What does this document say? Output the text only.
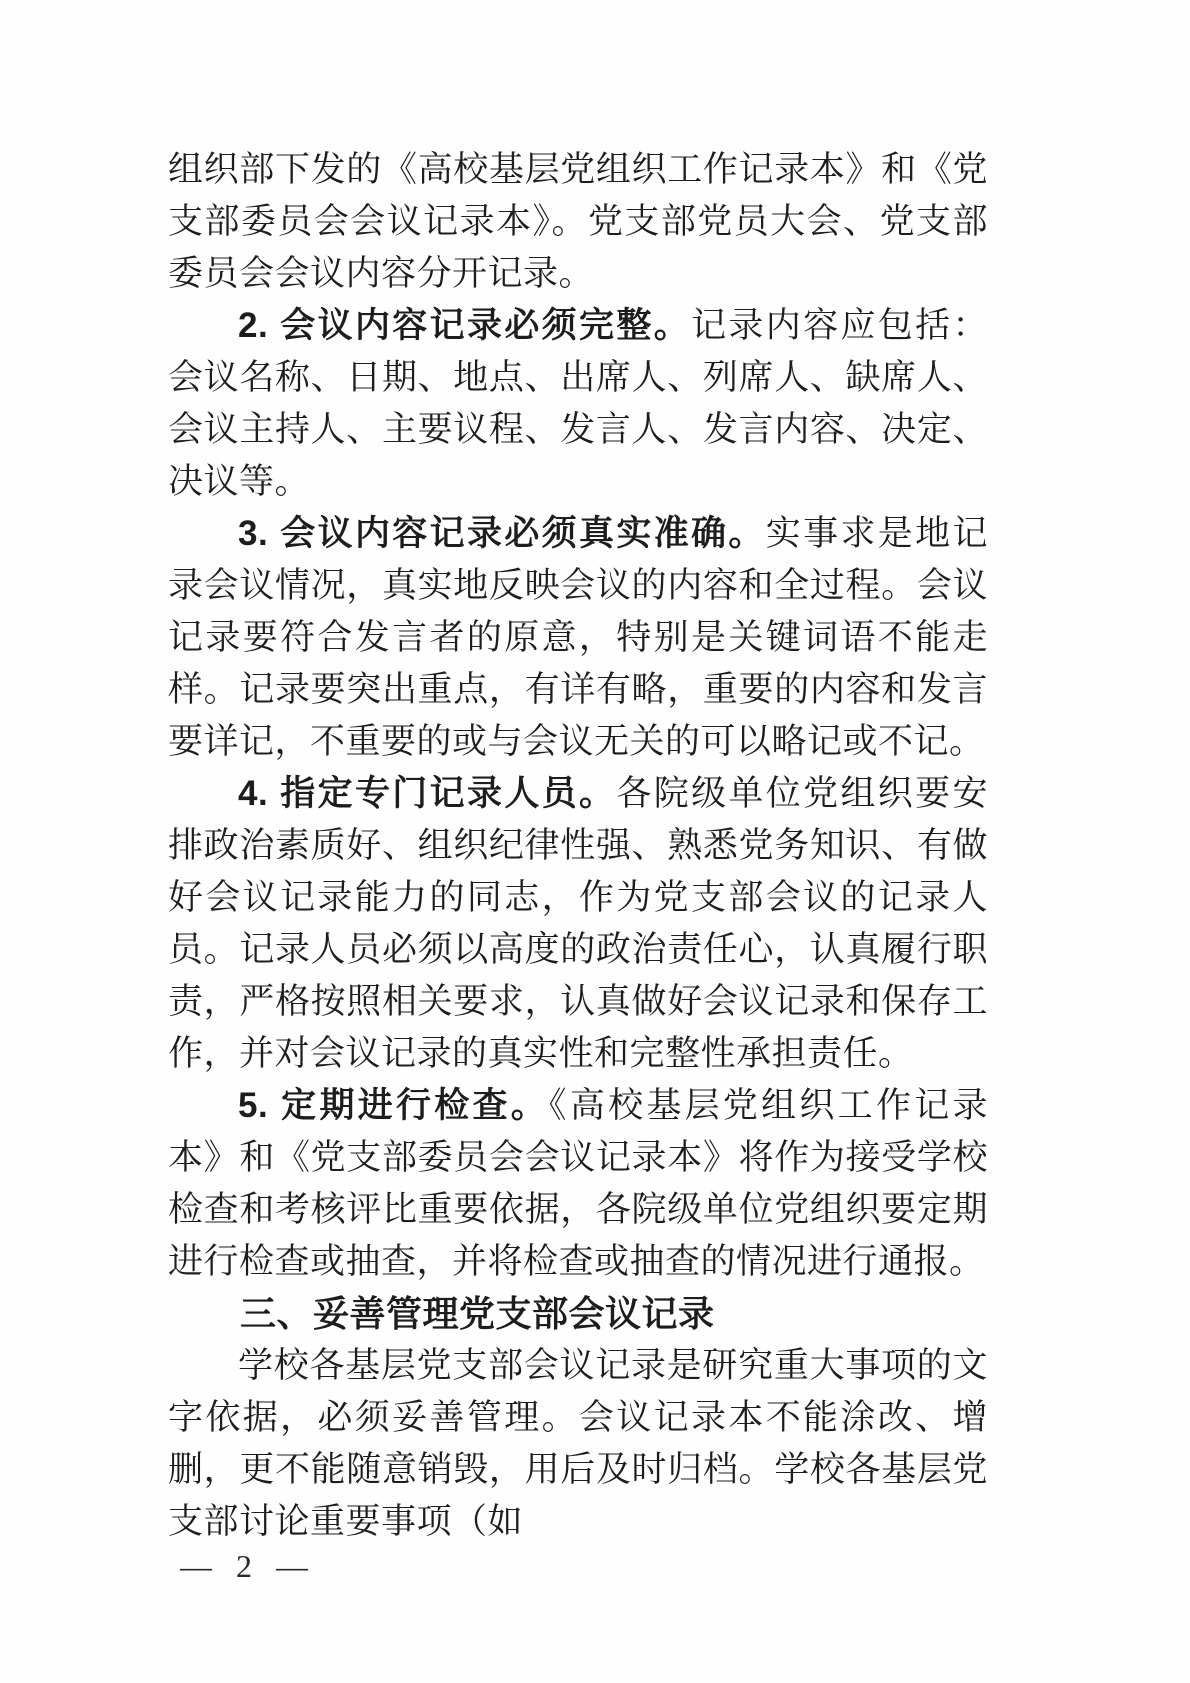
组织部下发的《高校基层党组织工作记录本》和《党支部委员会会议记录本》。党支部党员大会、党支部委员会会议内容分开记录。

2. 会议内容记录必须完整。记录内容应包括：会议名称、日期、地点、出席人、列席人、缺席人、会议主持人、主要议程、发言人、发言内容、决定、决议等。

3. 会议内容记录必须真实准确。实事求是地记录会议情况，真实地反映会议的内容和全过程。会议记录要符合发言者的原意，特别是关键词语不能走样。记录要突出重点，有详有略，重要的内容和发言要详记，不重要的或与会议无关的可以略记或不记。

4. 指定专门记录人员。各院级单位党组织要安排政治素质好、组织纪律性强、熟悉党务知识、有做好会议记录能力的同志，作为党支部会议的记录人员。记录人员必须以高度的政治责任心，认真履行职责，严格按照相关要求，认真做好会议记录和保存工作，并对会议记录的真实性和完整性承担责任。

5. 定期进行检查。《高校基层党组织工作记录本》和《党支部委员会会议记录本》将作为接受学校检查和考核评比重要依据，各院级单位党组织要定期进行检查或抽查，并将检查或抽查的情况进行通报。

三、妥善管理党支部会议记录

学校各基层党支部会议记录是研究重大事项的文字依据，必须妥善管理。会议记录本不能涂改、增删，更不能随意销毁，用后及时归档。学校各基层党支部讨论重要事项（如

— 2 —
